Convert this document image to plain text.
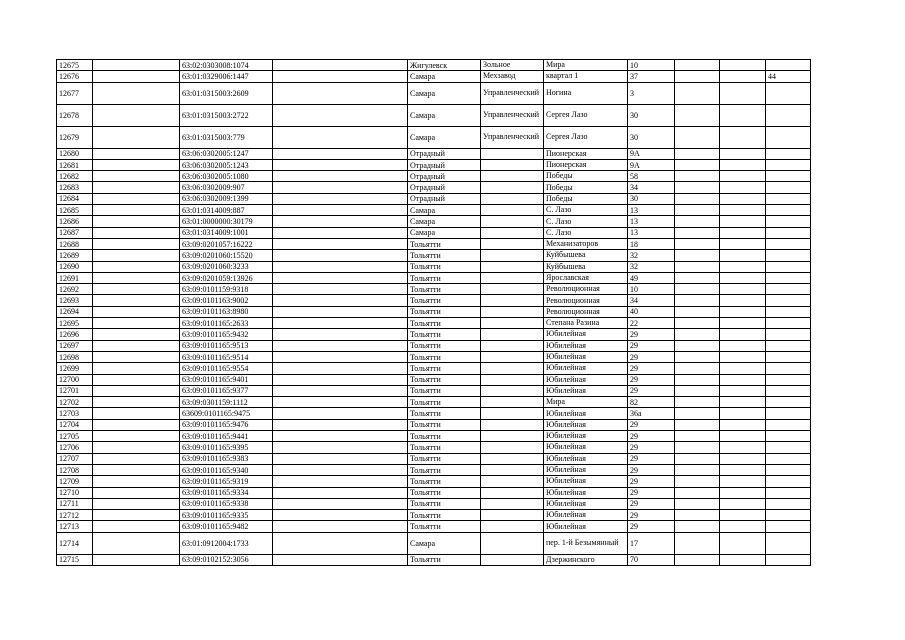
12675		63:02:0303008:1074		Жигулевск	Зольное	Мира	10			
12676		63:01:0329006:1447		Самара	Мехзавод	квартал 1	37			44
12677		63:01:0315003:2609		Самара	Управленческий	Ногина	3			
12678		63:01:0315003:2722		Самара	Управленческий	Сергея Лазо	30			
12679		63:01:0315003:779		Самара	Управленческий	Сергея Лазо	30			
12680		63:06:0302005:1247		Отрадный		Пионерская	9А			
12681		63:06:0302005:1243		Отрадный		Пионерская	9А			
12682		63:06:0302005:1080		Отрадный		Победы	58			
12683		63:06:0302009:907		Отрадный		Победы	34			
12684		63:06:0302009:1399		Отрадный		Победы	30			
12685		63:01:0314009:887		Самара		С. Лазо	13			
12686		63:01:0000000:30179		Самара		С. Лазо	13			
12687		63:01:0314009:1001		Самара		С. Лазо	13			
12688		63:09:0201057:16222		Тольятти		Механизаторов	18			
12689		63:09:0201060:15520		Тольятти		Куйбышева	32			
12690		63:09:0201060:3233		Тольятти		Куйбышева	32			
12691		63:09:0201059:13926		Тольятти		Ярославская	49			
12692		63:09:0101159:9318		Тольятти		Революционная	10			
12693		63:09:0101163:9002		Тольятти		Революционная	34			
12694		63:09:0101163:8980		Тольятти		Революционная	40			
12695		63:09:0101165:2633		Тольятти		Степана Разина	22			
12696		63:09:0101165:9432		Тольятти		Юбилейная	29			
12697		63:09:0101165:9513		Тольятти		Юбилейная	29			
12698		63:09:0101165:9514		Тольятти		Юбилейная	29			
12699		63:09:0101165:9554		Тольятти		Юбилейная	29			
12700		63:09:0101165:9401		Тольятти		Юбилейная	29			
12701		63:09:0101165:9377		Тольятти		Юбилейная	29			
12702		63:09:0301159:1112		Тольятти		Мира	82			
12703		63609:0101165:9475		Тольятти		Юбилейная	36а			
12704		63:09:0101165:9476		Тольятти		Юбилейная	29			
12705		63:09:0101165:9441		Тольятти		Юбилейная	29			
12706		63:09:0101165:9395		Тольятти		Юбилейная	29			
12707		63:09:0101165:9383		Тольятти		Юбилейная	29			
12708		63:09:0101165:9340		Тольятти		Юбилейная	29			
12709		63:09:0101165:9319		Тольятти		Юбилейная	29			
12710		63:09:0101165:9334		Тольятти		Юбилейная	29			
12711		63:09:0101165:9338		Тольятти		Юбилейная	29			
12712		63:09:0101165:9335		Тольятти		Юбилейная	29			
12713		63:09:0101165:9482		Тольятти		Юбилейная	29			
12714		63:01:0912004:1733		Самара		пер. 1-й Безымянный	17			
12715		63:09:0102152:3056		Тольятти		Дзержинского	70			
